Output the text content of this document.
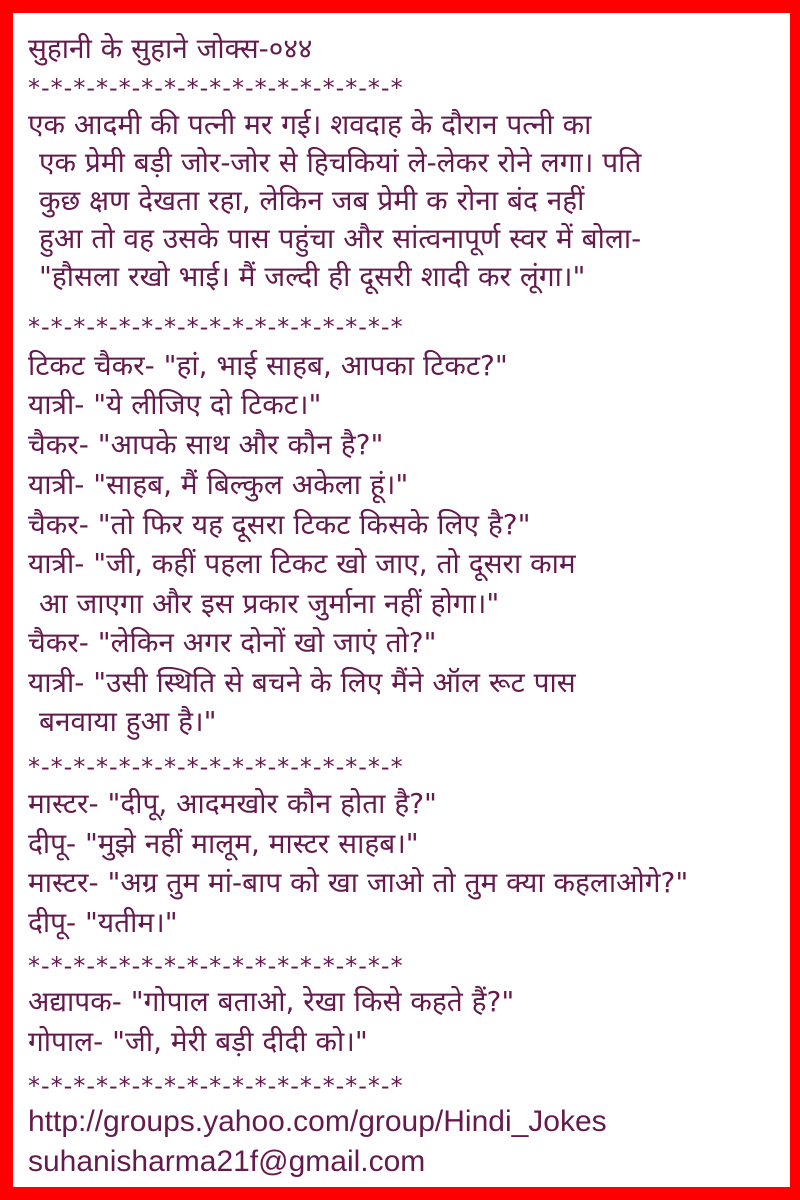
सुहानी के सुहाने जोक्स-०४४
*-*-*-*-*-*-*-*-*-*-*-*-*-*-*-*-*
एक आदमी की पत्नी मर गई। शवदाह के दौरान पत्नी का
एक प्रेमी बड़ी जोर-जोर से हिचकियां ले-लेकर रोने लगा। पति
कुछ क्षण देखता रहा, लेकिन जब प्रेमी क रोना बंद नहीं
हुआ तो वह उसके पास पहुंचा और सांत्वनापूर्ण स्वर में बोला-
"हौसला रखो भाई। मैं जल्दी ही दूसरी शादी कर लूंगा।"
*-*-*-*-*-*-*-*-*-*-*-*-*-*-*-*-*
टिकट चैकर- "हां, भाई साहब, आपका टिकट?"
यात्री- "ये लीजिए दो टिकट।"
चैकर- "आपके साथ और कौन है?"
यात्री- "साहब, मैं बिल्कुल अकेला हूं।"
चैकर- "तो फिर यह दूसरा टिकट किसके लिए है?"
यात्री- "जी, कहीं पहला टिकट खो जाए, तो दूसरा काम
आ जाएगा और इस प्रकार जुर्माना नहीं होगा।"
चैकर- "लेकिन अगर दोनों खो जाएं तो?"
यात्री- "उसी स्थिति से बचने के लिए मैंने ऑल रूट पास
बनवाया हुआ है।"
*-*-*-*-*-*-*-*-*-*-*-*-*-*-*-*-*
मास्टर- "दीपू, आदमखोर कौन होता है?"
दीपू- "मुझे नहीं मालूम, मास्टर साहब।"
मास्टर- "अग्र तुम मां-बाप को खा जाओ तो तुम क्या कहलाओगे?"
दीपू- "यतीम।"
*-*-*-*-*-*-*-*-*-*-*-*-*-*-*-*-*
अद्यापक- "गोपाल बताओ, रेखा किसे कहते हैं?"
गोपाल- "जी, मेरी बड़ी दीदी को।"
*-*-*-*-*-*-*-*-*-*-*-*-*-*-*-*-*
http://groups.yahoo.com/group/Hindi_Jokes
suhanisharma21f@gmail.com
